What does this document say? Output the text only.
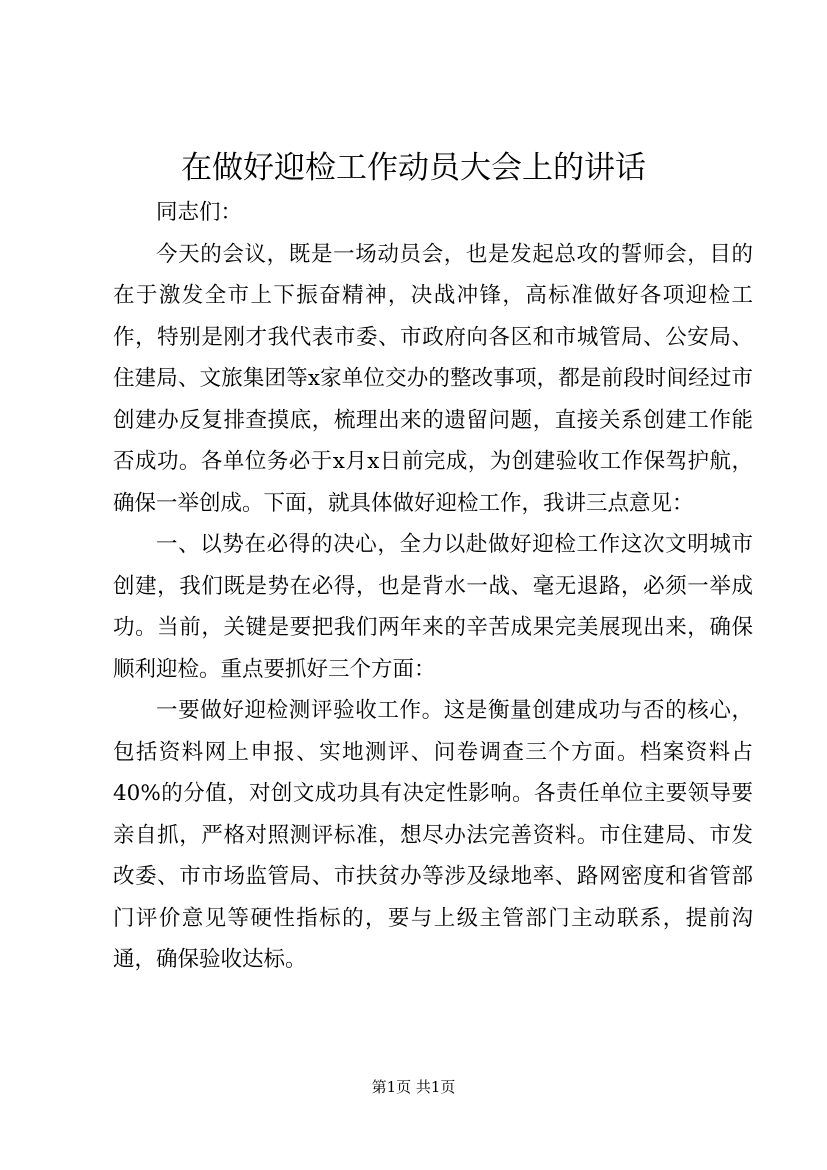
在做好迎检工作动员大会上的讲话

同志们：

今天的会议，既是一场动员会，也是发起总攻的誓师会，目的在于激发全市上下振奋精神，决战冲锋，高标准做好各项迎检工作，特别是刚才我代表市委、市政府向各区和市城管局、公安局、住建局、文旅集团等x家单位交办的整改事项，都是前段时间经过市创建办反复排查摸底，梳理出来的遗留问题，直接关系创建工作能否成功。各单位务必于x月x日前完成，为创建验收工作保驾护航，确保一举创成。下面，就具体做好迎检工作，我讲三点意见：

一、以势在必得的决心，全力以赴做好迎检工作这次文明城市创建，我们既是势在必得，也是背水一战、毫无退路，必须一举成功。当前，关键是要把我们两年来的辛苦成果完美展现出来，确保顺利迎检。重点要抓好三个方面：

一要做好迎检测评验收工作。这是衡量创建成功与否的核心，包括资料网上申报、实地测评、问卷调查三个方面。档案资料占40%的分值，对创文成功具有决定性影响。各责任单位主要领导要亲自抓，严格对照测评标准，想尽办法完善资料。市住建局、市发改委、市市场监管局、市扶贫办等涉及绿地率、路网密度和省管部门评价意见等硬性指标的，要与上级主管部门主动联系，提前沟通，确保验收达标。

第1页 共1页
